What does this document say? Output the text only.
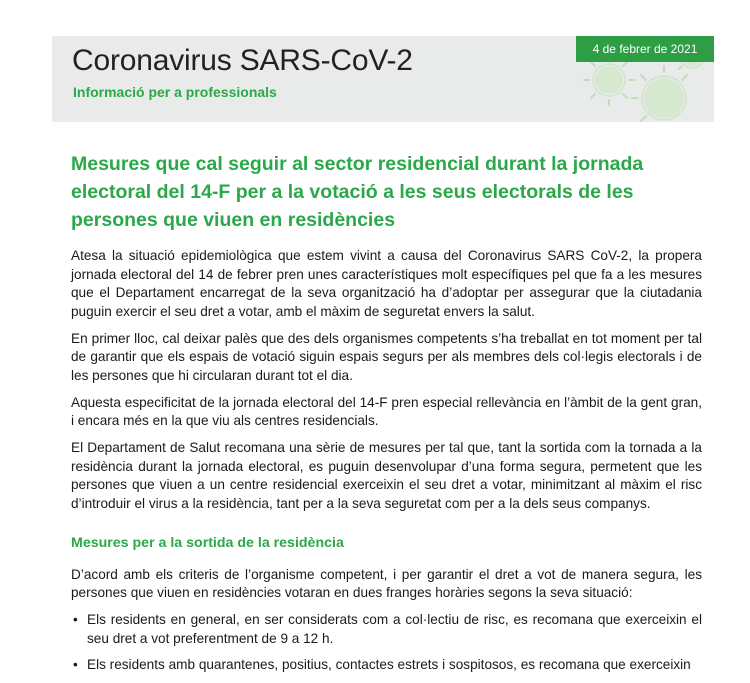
Coronavirus SARS-CoV-2
Informació per a professionals
4 de febrer de 2021
Mesures que cal seguir al sector residencial durant la jornada electoral del 14-F per a la votació a les seus electorals de les persones que viuen en residències

Atesa la situació epidemiològica que estem vivint a causa del Coronavirus SARS CoV-2, la propera jornada electoral del 14 de febrer pren unes característiques molt específiques pel que fa a les mesures que el Departament encarregat de la seva organització ha d’adoptar per assegurar que la ciutadania puguin exercir el seu dret a votar, amb el màxim de seguretat envers la salut.

En primer lloc, cal deixar palès que des dels organismes competents s’ha treballat en tot moment per tal de garantir que els espais de votació siguin espais segurs per als membres dels col·legis electorals i de les persones que hi circularan durant tot el dia.

Aquesta especificitat de la jornada electoral del 14-F pren especial rellevància en l’àmbit de la gent gran, i encara més en la que viu als centres residencials.

El Departament de Salut recomana una sèrie de mesures per tal que, tant la sortida com la tornada a la residència durant la jornada electoral, es puguin desenvolupar d’una forma segura, permetent que les persones que viuen a un centre residencial exerceixin el seu dret a votar, minimitzant al màxim el risc d’introduir el virus a la residència, tant per a la seva seguretat com per a la dels seus companys.

Mesures per a la sortida de la residència

D’acord amb els criteris de l’organisme competent, i per garantir el dret a vot de manera segura, les persones que viuen en residències votaran en dues franges horàries segons la seva situació:

• Els residents en general, en ser considerats com a col·lectiu de risc, es recomana que exerceixin el seu dret a vot preferentment de 9 a 12 h.
• Els residents amb quarantenes, positius, contactes estrets i sospitosos, es recomana que exerceixin
